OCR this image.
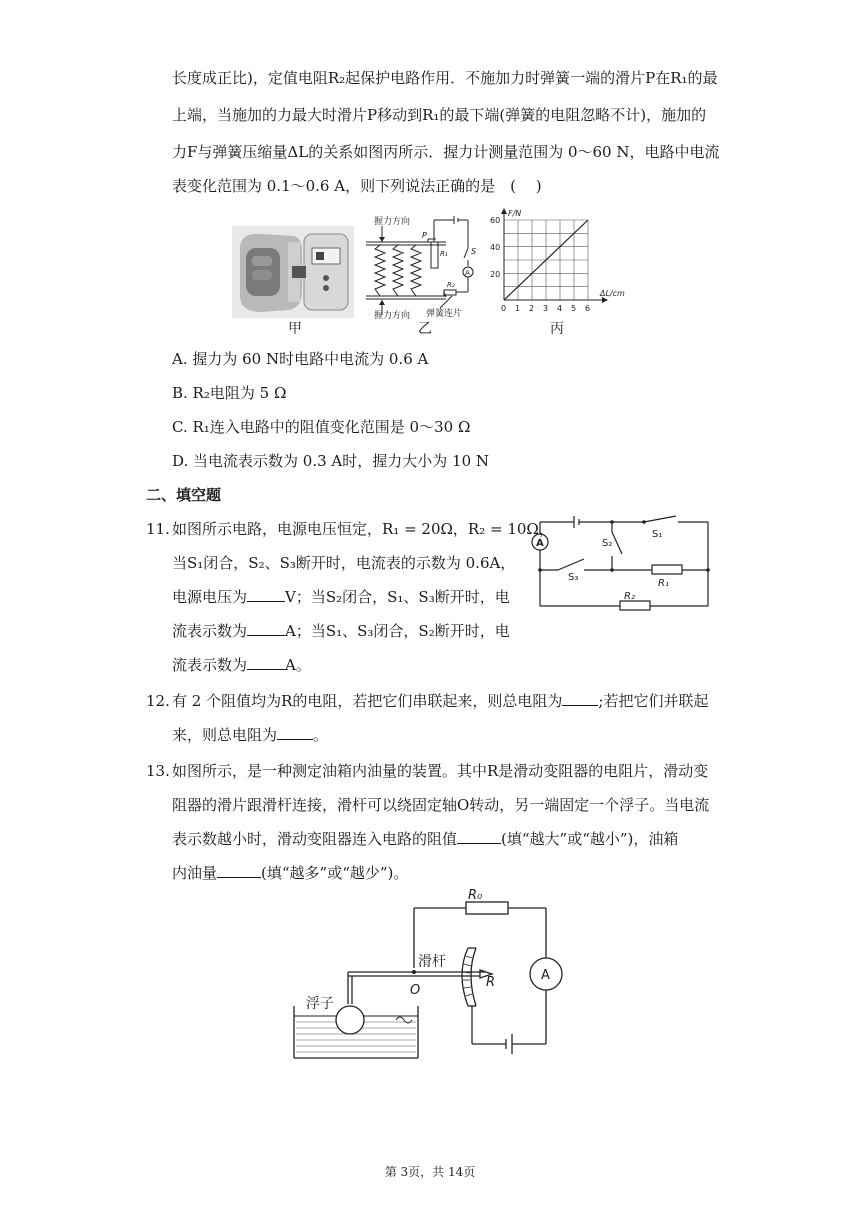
长度成正比)，定值电阻R₂起保护电路作用．不施加力时弹簧一端的滑片P在R₁的最
上端，当施加的力最大时滑片P移动到R₁的最下端(弹簧的电阻忽略不计)，施加的
力F与弹簧压缩量ΔL的关系如图丙所示．握力计测量范围为 0～60 N，电路中电流
表变化范围为 0.1～0.6 A，则下列说法正确的是　(　 )
甲
握力方向
握力方向 弹簧连片
P
R₁
R₂
S
A
乙
F/N
ΔL/cm
60
40
20
0 1 2 3 4 5 6
丙
A. 握力为 60 N时电路中电流为 0.6 A
B. R₂电阻为 5 Ω
C. R₁连入电路中的阻值变化范围是 0～30 Ω
D. 当电流表示数为 0.3 A时，握力大小为 10 N
二、填空题
11. 如图所示电路，电源电压恒定，R₁ = 20Ω，R₂ = 10Ω，
当S₁闭合，S₂、S₃断开时，电流表的示数为 0.6A，
电源电压为	V；当S₂闭合，S₁、S₃断开时，电
流表示数为	A；当S₁、S₃闭合，S₂断开时，电
流表示数为	A。
A
S₁
S₂
S₃
R₁
R₂
12. 有 2 个阻值均为R的电阻，若把它们串联起来，则总电阻为 ;若把它们并联起
来，则总电阻为 。
13. 如图所示，是一种测定油箱内油量的装置。其中R是滑动变阻器的电阻片，滑动变
阻器的滑片跟滑杆连接，滑杆可以绕固定轴O转动，另一端固定一个浮子。当电流
表示数越小时，滑动变阻器连入电路的阻值	(填“越大”或“越小”)，油箱
内油量	(填“越多”或“越少”)。
R₀
滑杆
R	A
O
浮子
第 3页，共 14页
